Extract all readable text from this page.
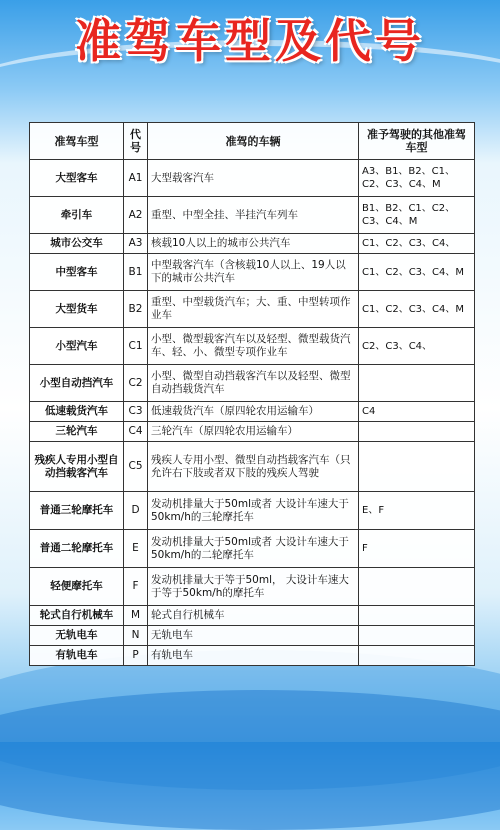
准驾车型及代号
准驾车型	代号	准驾的车辆	准予驾驶的其他准驾车型
大型客车	A1	大型载客汽车	A3、B1、B2、C1、C2、C3、C4、M
牵引车	A2	重型、中型全挂、半挂汽车列车	B1、B2、C1、C2、C3、C4、M
城市公交车	A3	核载10人以上的城市公共汽车	C1、C2、C3、C4、
中型客车	B1	中型载客汽车（含核载10人以上、19人以下的城市公共汽车	C1、C2、C3、C4、M
大型货车	B2	重型、中型载货汽车；大、重、中型转项作业车	C1、C2、C3、C4、M
小型汽车	C1	小型、微型载客汽车以及轻型、微型载货汽车、轻、小、微型专项作业车	C2、C3、C4、
小型自动挡汽车	C2	小型、微型自动挡载客汽车以及轻型、微型自动挡载货汽车	
低速载货汽车	C3	低速载货汽车（原四轮农用运输车）	C4
三轮汽车	C4	三轮汽车（原四轮农用运输车）	
残疾人专用小型自动挡载客汽车	C5	残疾人专用小型、微型自动挡载客汽车（只允许右下肢或者双下肢的残疾人驾驶	
普通三轮摩托车	D	发动机排量大于50ml或者 大设计车速大于50km/h的三轮摩托车	E、F
普通二轮摩托车	E	发动机排量大于50ml或者 大设计车速大于50km/h的二轮摩托车	F
轻便摩托车	F	发动机排量大于等于50ml， 大设计车速大于等于50km/h的摩托车	
轮式自行机械车	M	轮式自行机械车	
无轨电车	N	无轨电车	
有轨电车	P	有轨电车	
